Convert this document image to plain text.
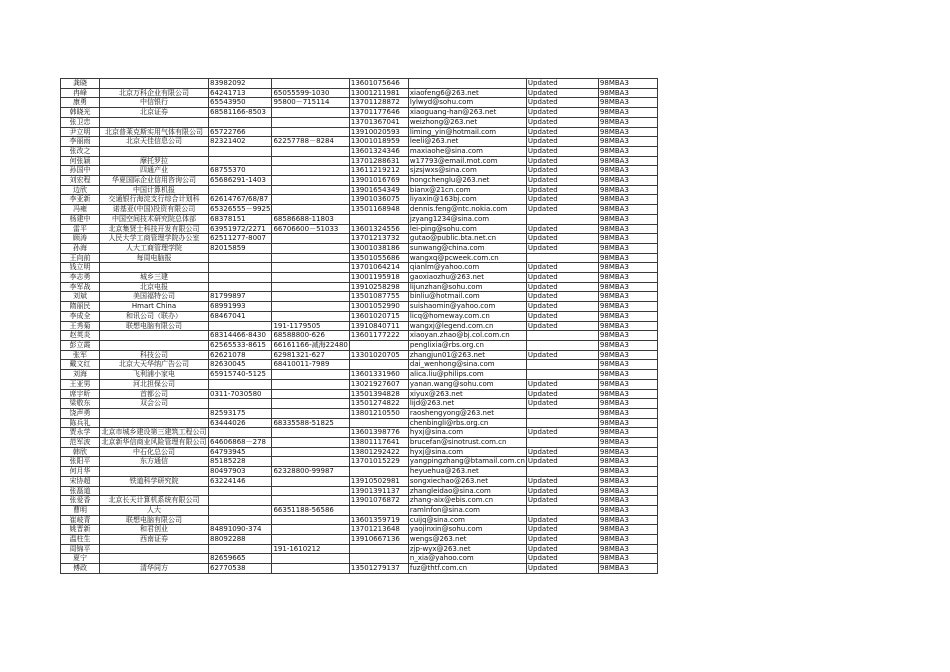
龚晓		83982092		13601075646		Updated	98MBA3
冉峰	北京万科企业有限公司	64241713	65055599-1030	13001211981	xiaofeng6@263.net	Updated	98MBA3
康勇	中信银行	65543950	95800－715114	13701128872	lylwyd@sohu.com	Updated	98MBA3
韩晓光	北京证券	68581166-8503		13701177646	xiaoguang-han@263.net	Updated	98MBA3
张卫忠				13701367041	weizhong@263.net	Updated	98MBA3
尹立明	北京普莱克斯实用气体有限公司	65722766		13910020593	liming_yin@hotmail.com	Updated	98MBA3
李丽雨	北京天佳信息公司	82321402	62257788－8284	13001018959	leeli@263.net	Updated	98MBA3
张改之				13601324346	maxiaohe@sina.com	Updated	98MBA3
何张颖	摩托罗拉			13701288631	w17793@email.mot.com	Updated	98MBA3
孙国中	四通产业	68755370		13611219212	sjzsjwxs@sina.com	Updated	98MBA3
刘宏程	华夏国际企业信用咨询公司	65686291-1403		13901016769	hongchenglu@263.net	Updated	98MBA3
边欣	中国计算机报			13901654349	bianx@21cn.com	Updated	98MBA3
李亚新	交通银行海淀支行综合计划科	62614767/68/87		13901036075	liyaxin@163bj.com	Updated	98MBA3
冯雍	诺基亚(中国)投资有限公司	65326555－9925		13501168948	dennis.feng@ntc.nokia.com	Updated	98MBA3
杨建中	中国空间技术研究院总体部	68378151	68586688-11803		jzyang1234@sina.com		98MBA3
雷平	北京集贤士科技开发有限公司	63951972/2271	66706600－51033	13601324556	lei-ping@sohu.com	Updated	98MBA3
顾涛	人民大学工商管理学院办公室	62511277-8007		13701213732	gutao@public.bta.net.cn	Updated	98MBA3
孙海	人大工商管理学院	82015859		13001038186	sunwang@china.com	Updated	98MBA3
王向前	每周电脑报			13501055686	wangxq@pcweek.com.cn		98MBA3
钱立明				13701064214	qianlm@yahoo.com	Updated	98MBA3
李志勇	城乡三建			13001195918	gaoxiaozhu@263.net	Updated	98MBA3
李军战	北京电报			13910258298	lijunzhan@sohu.com	Updated	98MBA3
刘斌	美国福特公司	81799897		13501087755	binliu@hotmail.com	Updated	98MBA3
隋丽民	Hmart China	68991993		13001052990	suishaomin@yahoo.com	Updated	98MBA3
李成全	和讯公司（联办）	68467041		13601020715	licq@homeway.com.cn	Updated	98MBA3
王秀菊	联想电脑有限公司		191-1179505	13910840711	wangxj@legend.com.cn	Updated	98MBA3
赵英炎		68314466-8430	68588800-626	13601177222	xiaoyan.zhao@bj.col.com.cn		98MBA3
彭立霞		62565533-8615	66161166-减海22480		penglixia@rbs.org.cn		98MBA3
张军	科技公司	62621078	62981321-627	13301020705	zhangjun01@263.net	Updated	98MBA3
戴文红	北京大天华纳广告公司	82630045	68410011-7989		dai_wenhong@sina.com		98MBA3
刘海	飞利浦小家电	65915740-5125		13601331960	alica.liu@philips.com		98MBA3
王亚男	河北担保公司			13021927607	yanan.wang@sohu.com	Updated	98MBA3
席宇昕	首都公司	0311-7030580		13501394828	xiyux@263.net	Updated	98MBA3
梁敬东	双会公司			13501274822	lijd@263.net	Updated	98MBA3
饶声勇		82593175		13801210550	raoshengyong@263.net		98MBA3
陈兵礼		63444026	68335588-51825		chenbingli@rbs.org.cn		98MBA3
贾永学	北京市城乡建设第三建筑工程公司			13601398776	hyxj@sina.com	Updated	98MBA3
范军波	北京新华信商业风险管理有限公司	64606868－278		13801117641	brucefan@sinotrust.com.cn		98MBA3
韩欣	中石化总公司	64793945		13801292422	hyxj@sina.com	Updated	98MBA3
张阳平	东方通信	85185228		13701015229	yangpingzhang@btamail.com.cn	Updated	98MBA3
何月华		80497903	62328800-99987		heyuehua@263.net		98MBA3
宋协超	铁道科学研究院	63224146		13910502981	songxiechao@263.net	Updated	98MBA3
张磊道				13901391137	zhangleidao@sina.com	Updated	98MBA3
张爱香	北京长天计算机系统有限公司			13901076872	zhang-aix@ebis.com.cn	Updated	98MBA3
曹明	人大		66351188-56586		ramlnfon@sina.com		98MBA3
崔岐青	联想电脑有限公司			13601359719	cuijq@sina.com	Updated	98MBA3
姚晋新	和君创业	84891090-374		13701213648	yaojinxin@sohu.com	Updated	98MBA3
温柱生	西南证券	88092288		13910667136	wengs@263.net	Updated	98MBA3
周锦平			191-1610212		zjp-wyx@263.net	Updated	98MBA3
夏宁		82659665			n_xia@yahoo.com	Updated	98MBA3
傅政	清华同方	62770538		13501279137	fuz@thtf.com.cn	Updated	98MBA3
